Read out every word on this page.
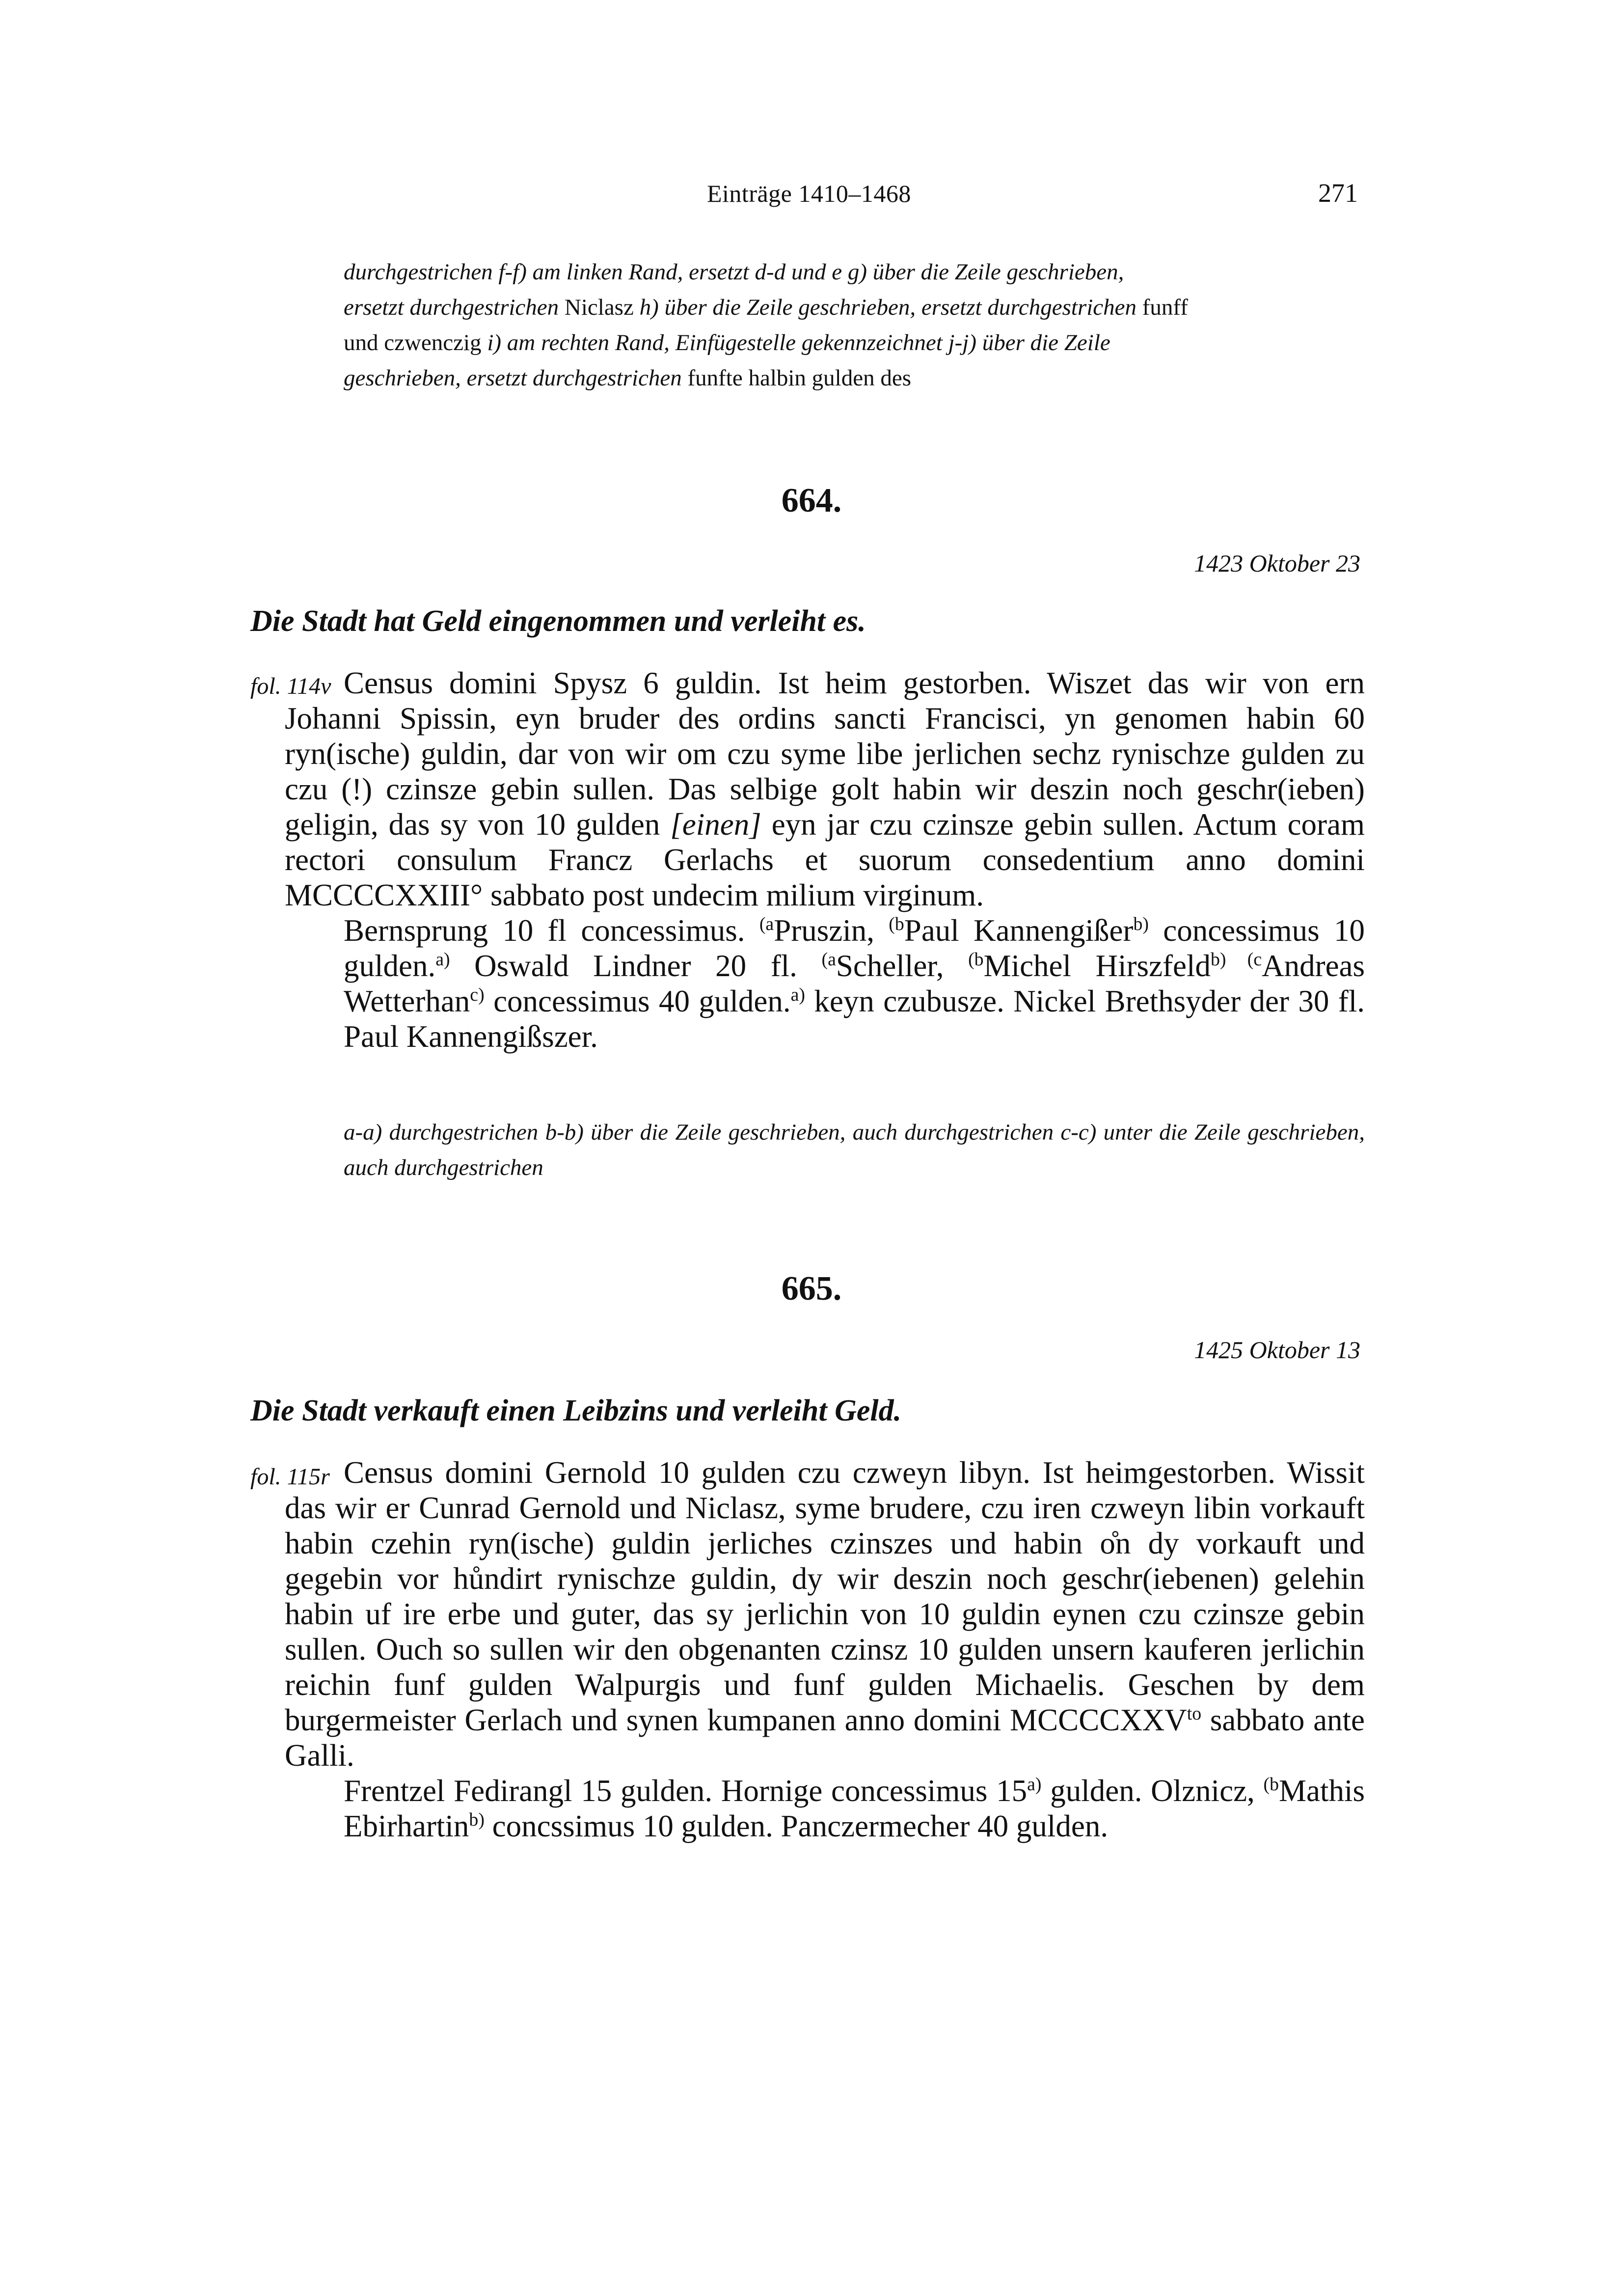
Einträge 1410–1468	271
durchgestrichen f-f) am linken Rand, ersetzt d-d und e g) über die Zeile geschrieben,
ersetzt durchgestrichen Niclasz h) über die Zeile geschrieben, ersetzt durchgestrichen funff
und czwenczig i) am rechten Rand, Einfügestelle gekennzeichnet j-j) über die Zeile
geschrieben, ersetzt durchgestrichen funfte halbin gulden des
664.
1423 Oktober 23
Die Stadt hat Geld eingenommen und verleiht es.
fol. 114v Census domini Spysz 6 guldin. Ist heim gestorben. Wiszet das wir von ern Johanni Spissin, eyn bruder des ordins sancti Francisci, yn genomen habin 60 ryn(ische) guldin, dar von wir om czu syme libe jerlichen sechz rynischze gulden zu czu (!) czinsze gebin sullen. Das selbige golt habin wir deszin noch geschr(ieben) geligin, das sy von 10 gulden [einen] eyn jar czu czinsze gebin sullen. Actum coram rectori consulum Francz Gerlachs et suorum consedentium anno domini MCCCCXXIII° sabbato post undecim milium virginum.

Bernsprung 10 fl concessimus. $^{(a}$Pruszin, $^{(b}$Paul Kannengißer$^{b)}$ concessimus 10 gulden.$^{a)}$ Oswald Lindner 20 fl. $^{(a}$Scheller, $^{(b}$Michel Hirszfeld$^{b)}$ $^{(c}$Andreas Wetterhan$^{c)}$ concessimus 40 gulden.$^{a)}$ keyn czubusze. Nickel Brethsyder der 30 fl. Paul Kannengißszer.

a-a) durchgestrichen b-b) über die Zeile geschrieben, auch durchgestrichen c-c) unter die Zeile geschrieben, auch durchgestrichen
665.
1425 Oktober 13
Die Stadt verkauft einen Leibzins und verleiht Geld.
fol. 115r Census domini Gernold 10 gulden czu czweyn libyn. Ist heimgestorben. Wissit das wir er Cunrad Gernold und Niclasz, syme brudere, czu iren czweyn libin vorkauft habin czehin ryn(ische) guldin jerliches czinszes und habin o̊n dy vorkauft und gegebin vor hůndirt rynischze guldin, dy wir deszin noch geschr(iebenen) gelehin habin uf ire erbe und guter, das sy jerlichin von 10 guldin eynen czu czinsze gebin sullen. Ouch so sullen wir den obgenanten czinsz 10 gulden unsern kauferen jerlichin reichin funf gulden Walpurgis und funf gulden Michaelis. Geschen by dem burgermeister Gerlach und synen kumpanen anno domini $MCCCCXXV^{to}$ sabbato ante Galli.

Frentzel Fedirangl 15 gulden. Hornige concessimus 15$^{a)}$ gulden. Olznicz, $^{(b}$Mathis Ebirhartin$^{b)}$ concssimus 10 gulden. Panczermecher 40 gulden.
